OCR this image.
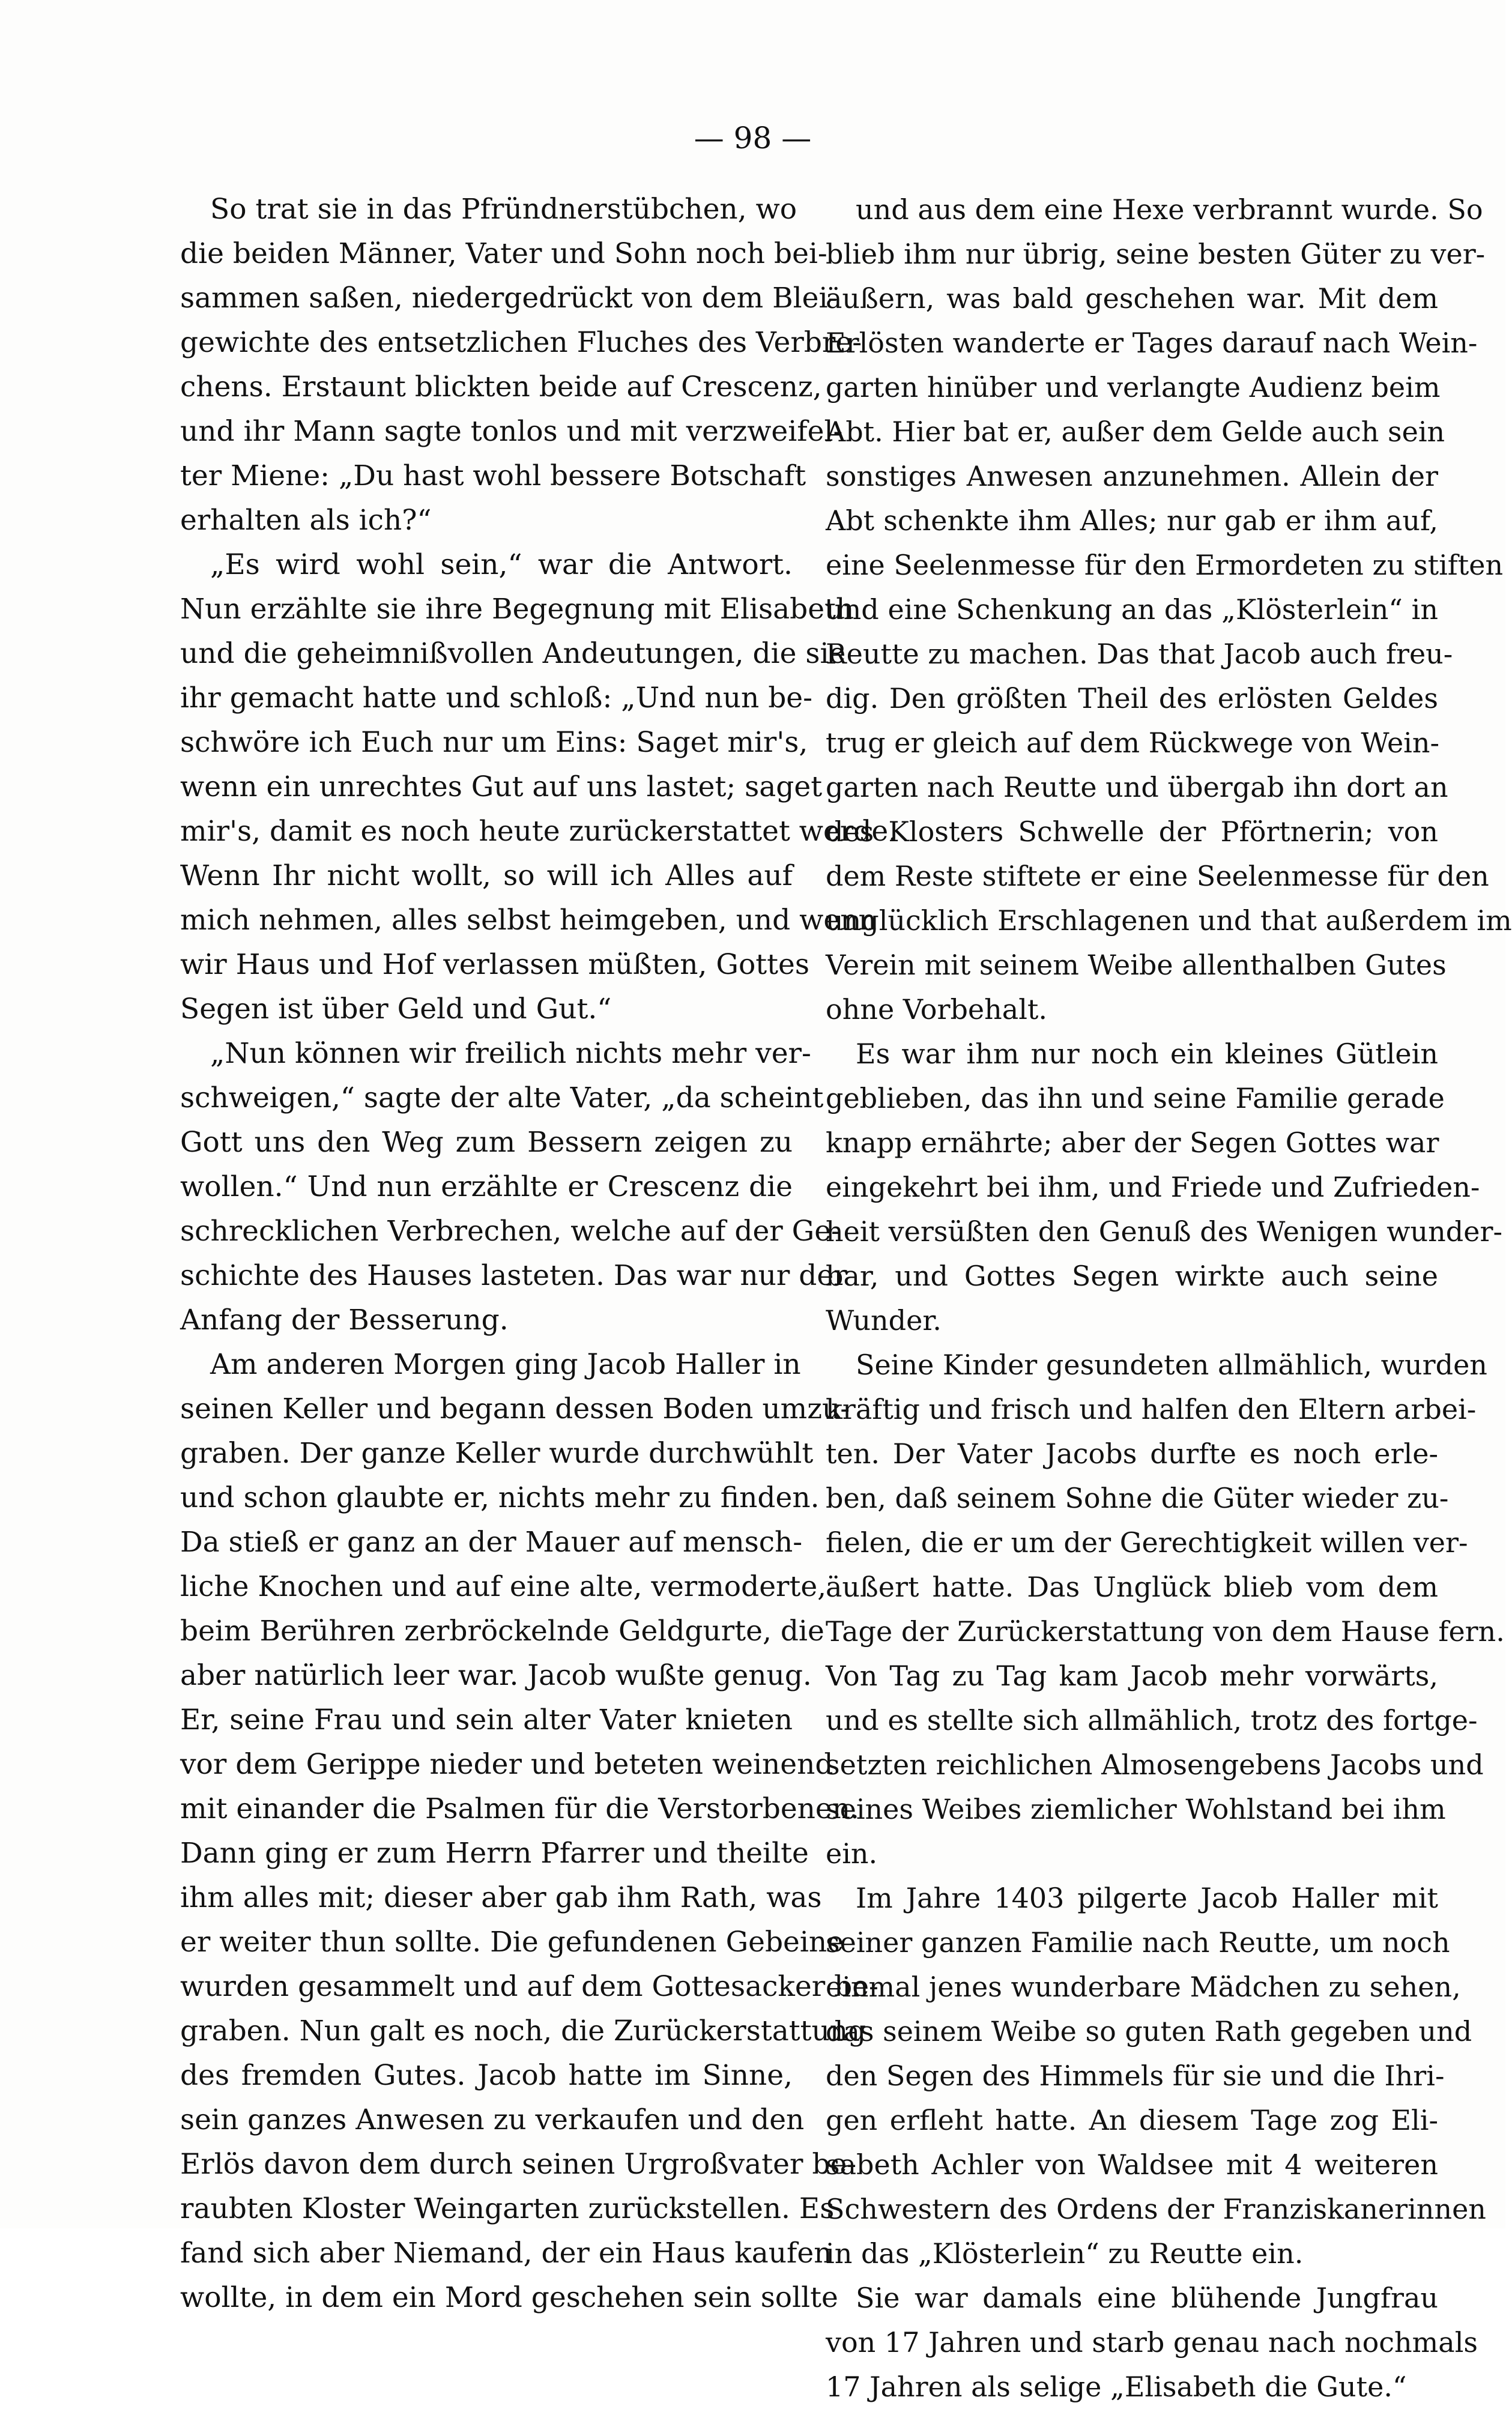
— 98 —
So trat sie in das Pfründnerstübchen, wo
die beiden Männer, Vater und Sohn noch bei-
sammen saßen, niedergedrückt von dem Blei-
gewichte des entsetzlichen Fluches des Verbre-
chens. Erstaunt blickten beide auf Crescenz,
und ihr Mann sagte tonlos und mit verzweifel-
ter Miene: „Du hast wohl bessere Botschaft
erhalten als ich?“
„Es wird wohl sein,“ war die Antwort.
Nun erzählte sie ihre Begegnung mit Elisabeth
und die geheimnißvollen Andeutungen, die sie
ihr gemacht hatte und schloß: „Und nun be-
schwöre ich Euch nur um Eins: Saget mir's,
wenn ein unrechtes Gut auf uns lastet; saget
mir's, damit es noch heute zurückerstattet werde.
Wenn Ihr nicht wollt, so will ich Alles auf
mich nehmen, alles selbst heimgeben, und wenn
wir Haus und Hof verlassen müßten, Gottes
Segen ist über Geld und Gut.“
„Nun können wir freilich nichts mehr ver-
schweigen,“ sagte der alte Vater, „da scheint
Gott uns den Weg zum Bessern zeigen zu
wollen.“ Und nun erzählte er Crescenz die
schrecklichen Verbrechen, welche auf der Ge-
schichte des Hauses lasteten. Das war nur der
Anfang der Besserung.
Am anderen Morgen ging Jacob Haller in
seinen Keller und begann dessen Boden umzu-
graben. Der ganze Keller wurde durchwühlt
und schon glaubte er, nichts mehr zu finden.
Da stieß er ganz an der Mauer auf mensch-
liche Knochen und auf eine alte, vermoderte,
beim Berühren zerbröckelnde Geldgurte, die
aber natürlich leer war. Jacob wußte genug.
Er, seine Frau und sein alter Vater knieten
vor dem Gerippe nieder und beteten weinend
mit einander die Psalmen für die Verstorbenen.
Dann ging er zum Herrn Pfarrer und theilte
ihm alles mit; dieser aber gab ihm Rath, was
er weiter thun sollte. Die gefundenen Gebeine
wurden gesammelt und auf dem Gottesacker be-
graben. Nun galt es noch, die Zurückerstattung
des fremden Gutes. Jacob hatte im Sinne,
sein ganzes Anwesen zu verkaufen und den
Erlös davon dem durch seinen Urgroßvater be-
raubten Kloster Weingarten zurückstellen. Es
fand sich aber Niemand, der ein Haus kaufen
wollte, in dem ein Mord geschehen sein sollte
und aus dem eine Hexe verbrannt wurde. So
blieb ihm nur übrig, seine besten Güter zu ver-
äußern, was bald geschehen war. Mit dem
Erlösten wanderte er Tages darauf nach Wein-
garten hinüber und verlangte Audienz beim
Abt. Hier bat er, außer dem Gelde auch sein
sonstiges Anwesen anzunehmen. Allein der
Abt schenkte ihm Alles; nur gab er ihm auf,
eine Seelenmesse für den Ermordeten zu stiften
und eine Schenkung an das „Klösterlein“ in
Reutte zu machen. Das that Jacob auch freu-
dig. Den größten Theil des erlösten Geldes
trug er gleich auf dem Rückwege von Wein-
garten nach Reutte und übergab ihn dort an
des Klosters Schwelle der Pförtnerin; von
dem Reste stiftete er eine Seelenmesse für den
unglücklich Erschlagenen und that außerdem im
Verein mit seinem Weibe allenthalben Gutes
ohne Vorbehalt.
Es war ihm nur noch ein kleines Gütlein
geblieben, das ihn und seine Familie gerade
knapp ernährte; aber der Segen Gottes war
eingekehrt bei ihm, und Friede und Zufrieden-
heit versüßten den Genuß des Wenigen wunder-
bar, und Gottes Segen wirkte auch seine
Wunder.
Seine Kinder gesundeten allmählich, wurden
kräftig und frisch und halfen den Eltern arbei-
ten. Der Vater Jacobs durfte es noch erle-
ben, daß seinem Sohne die Güter wieder zu-
fielen, die er um der Gerechtigkeit willen ver-
äußert hatte. Das Unglück blieb vom dem
Tage der Zurückerstattung von dem Hause fern.
Von Tag zu Tag kam Jacob mehr vorwärts,
und es stellte sich allmählich, trotz des fortge-
setzten reichlichen Almosengebens Jacobs und
seines Weibes ziemlicher Wohlstand bei ihm
ein.
Im Jahre 1403 pilgerte Jacob Haller mit
seiner ganzen Familie nach Reutte, um noch
einmal jenes wunderbare Mädchen zu sehen,
das seinem Weibe so guten Rath gegeben und
den Segen des Himmels für sie und die Ihri-
gen erfleht hatte. An diesem Tage zog Eli-
sabeth Achler von Waldsee mit 4 weiteren
Schwestern des Ordens der Franziskanerinnen
in das „Klösterlein“ zu Reutte ein.
Sie war damals eine blühende Jungfrau
von 17 Jahren und starb genau nach nochmals
17 Jahren als selige „Elisabeth die Gute.“
